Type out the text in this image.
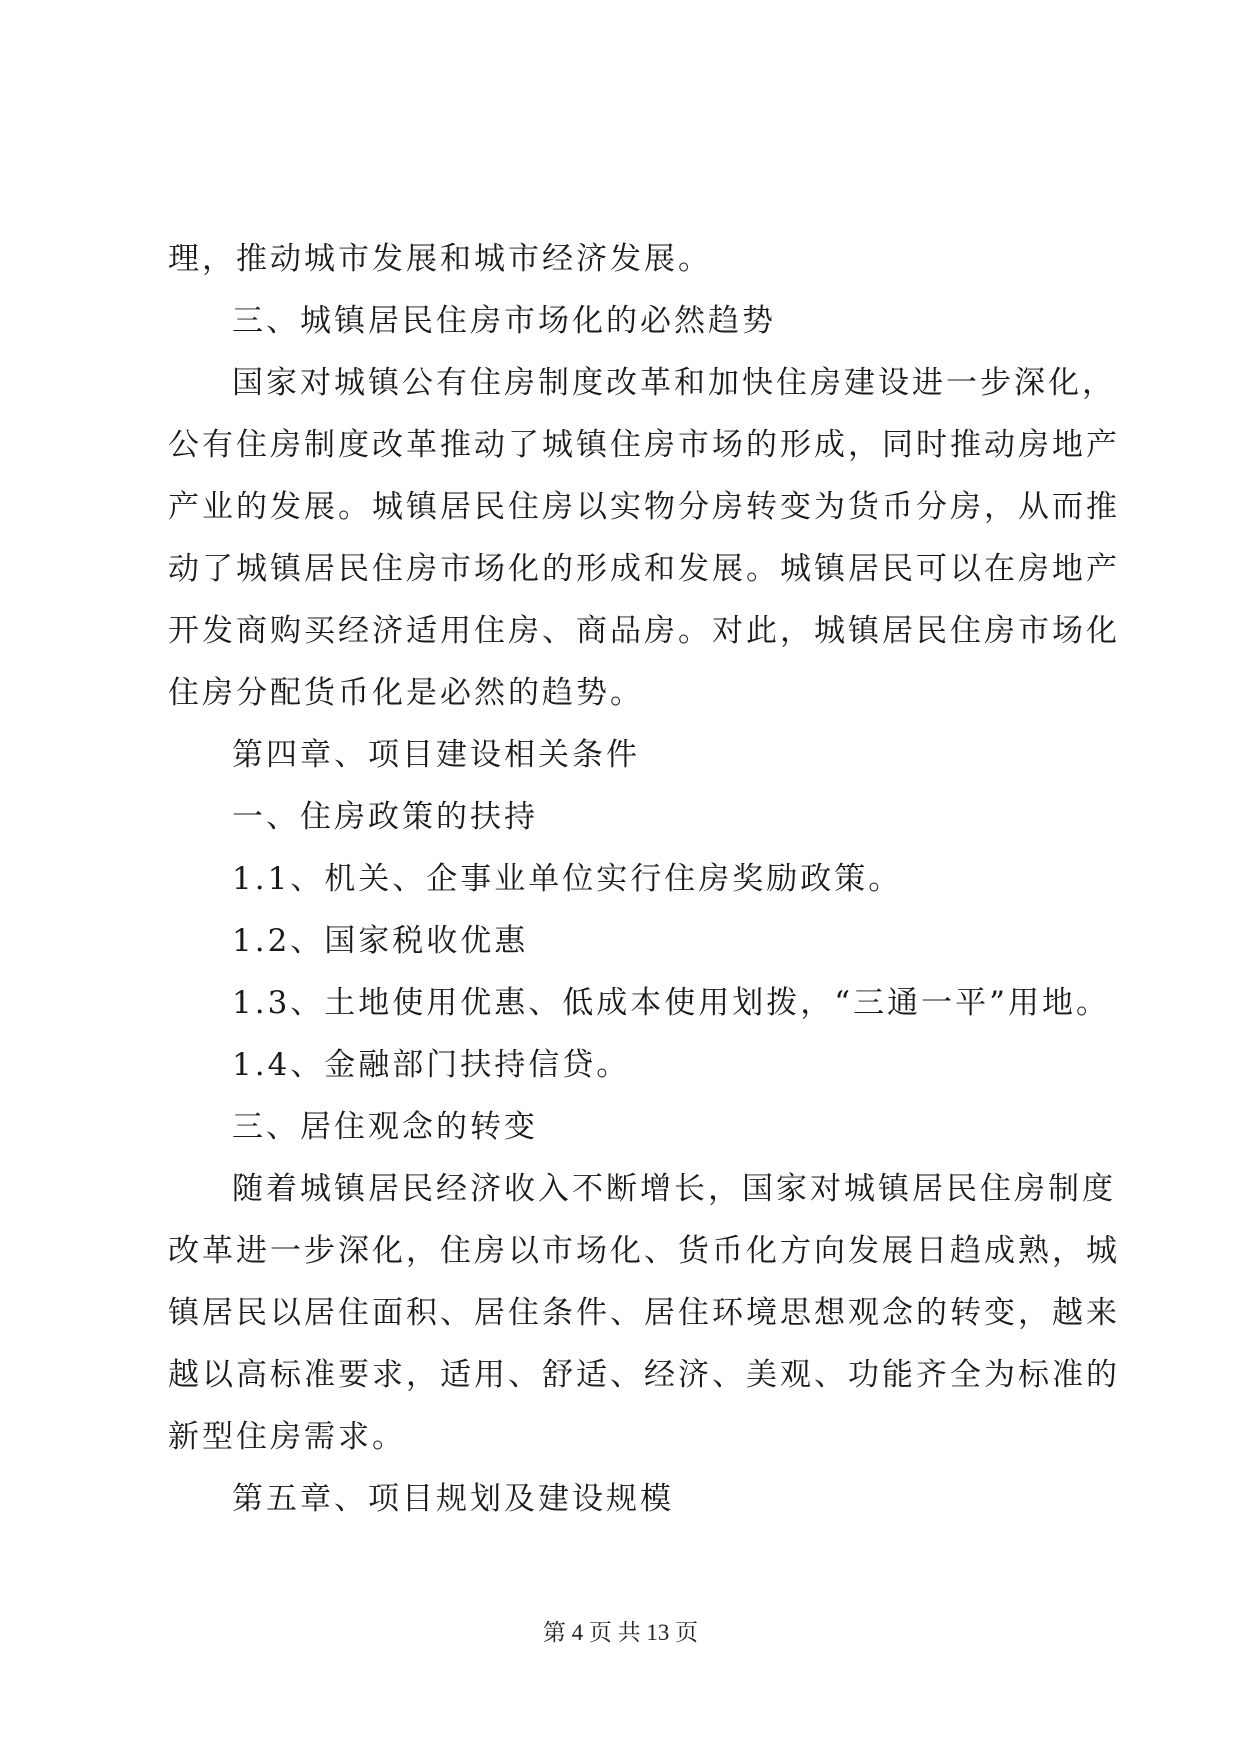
理，推动城市发展和城市经济发展。
三、城镇居民住房市场化的必然趋势
国家对城镇公有住房制度改革和加快住房建设进一步深化，
公有住房制度改革推动了城镇住房市场的形成，同时推动房地产
产业的发展。城镇居民住房以实物分房转变为货币分房，从而推
动了城镇居民住房市场化的形成和发展。城镇居民可以在房地产
开发商购买经济适用住房、商品房。对此，城镇居民住房市场化
住房分配货币化是必然的趋势。
第四章、项目建设相关条件
一、住房政策的扶持
1.1、机关、企事业单位实行住房奖励政策。
1.2、国家税收优惠
1.3、土地使用优惠、低成本使用划拨，“三通一平”用地。
1.4、金融部门扶持信贷。
三、居住观念的转变
随着城镇居民经济收入不断增长，国家对城镇居民住房制度
改革进一步深化，住房以市场化、货币化方向发展日趋成熟，城
镇居民以居住面积、居住条件、居住环境思想观念的转变，越来
越以高标准要求，适用、舒适、经济、美观、功能齐全为标准的
新型住房需求。
第五章、项目规划及建设规模
第 4 页 共 13 页
